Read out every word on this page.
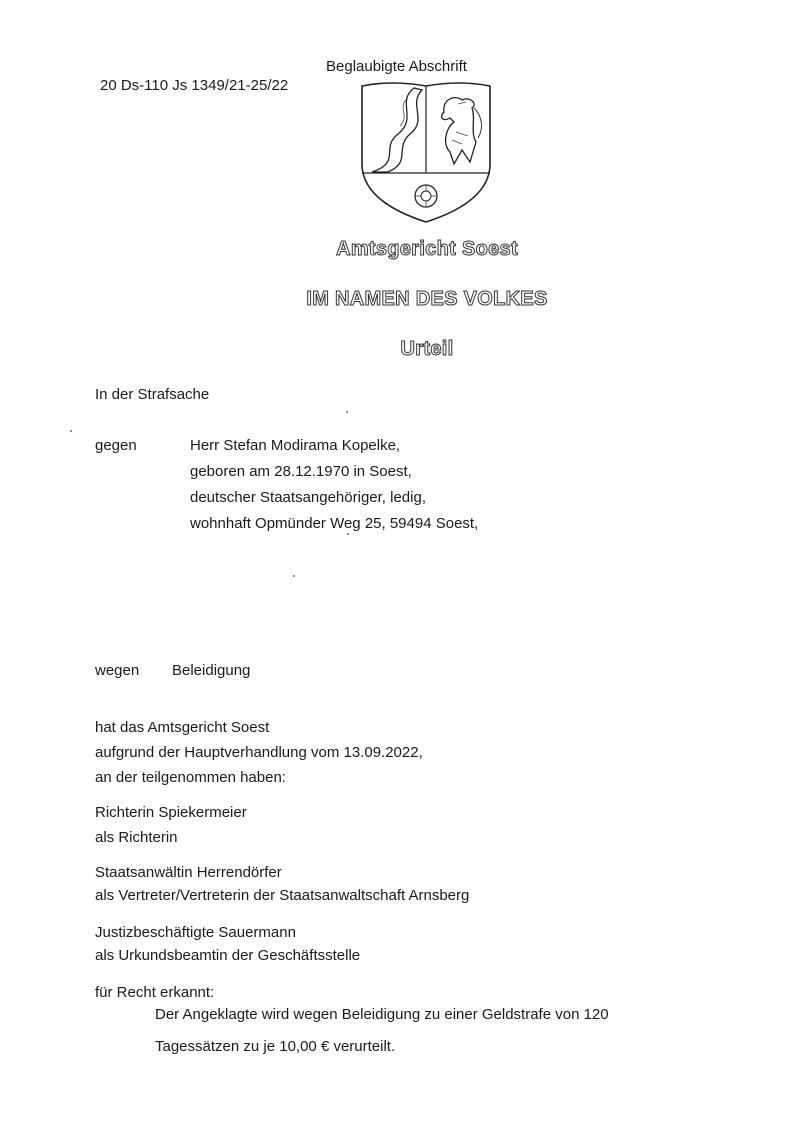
20 Ds-110 Js 1349/21-25/22
Beglaubigte Abschrift
Amtsgericht Soest
IM NAMEN DES VOLKES
Urteil
In der Strafsache
gegen	Herr Stefan Modirama Kopelke,
geboren am 28.12.1970 in Soest,
deutscher Staatsangehöriger, ledig,
wohnhaft Opmünder Weg 25, 59494 Soest,
wegen Beleidigung
hat das Amtsgericht Soest
aufgrund der Hauptverhandlung vom 13.09.2022,
an der teilgenommen haben:
Richterin Spiekermeier
als Richterin
Staatsanwältin Herrendörfer
als Vertreter/Vertreterin der Staatsanwaltschaft Arnsberg
Justizbeschäftigte Sauermann
als Urkundsbeamtin der Geschäftsstelle
für Recht erkannt:
Der Angeklagte wird wegen Beleidigung zu einer Geldstrafe von 120
Tagessätzen zu je 10,00 € verurteilt.
